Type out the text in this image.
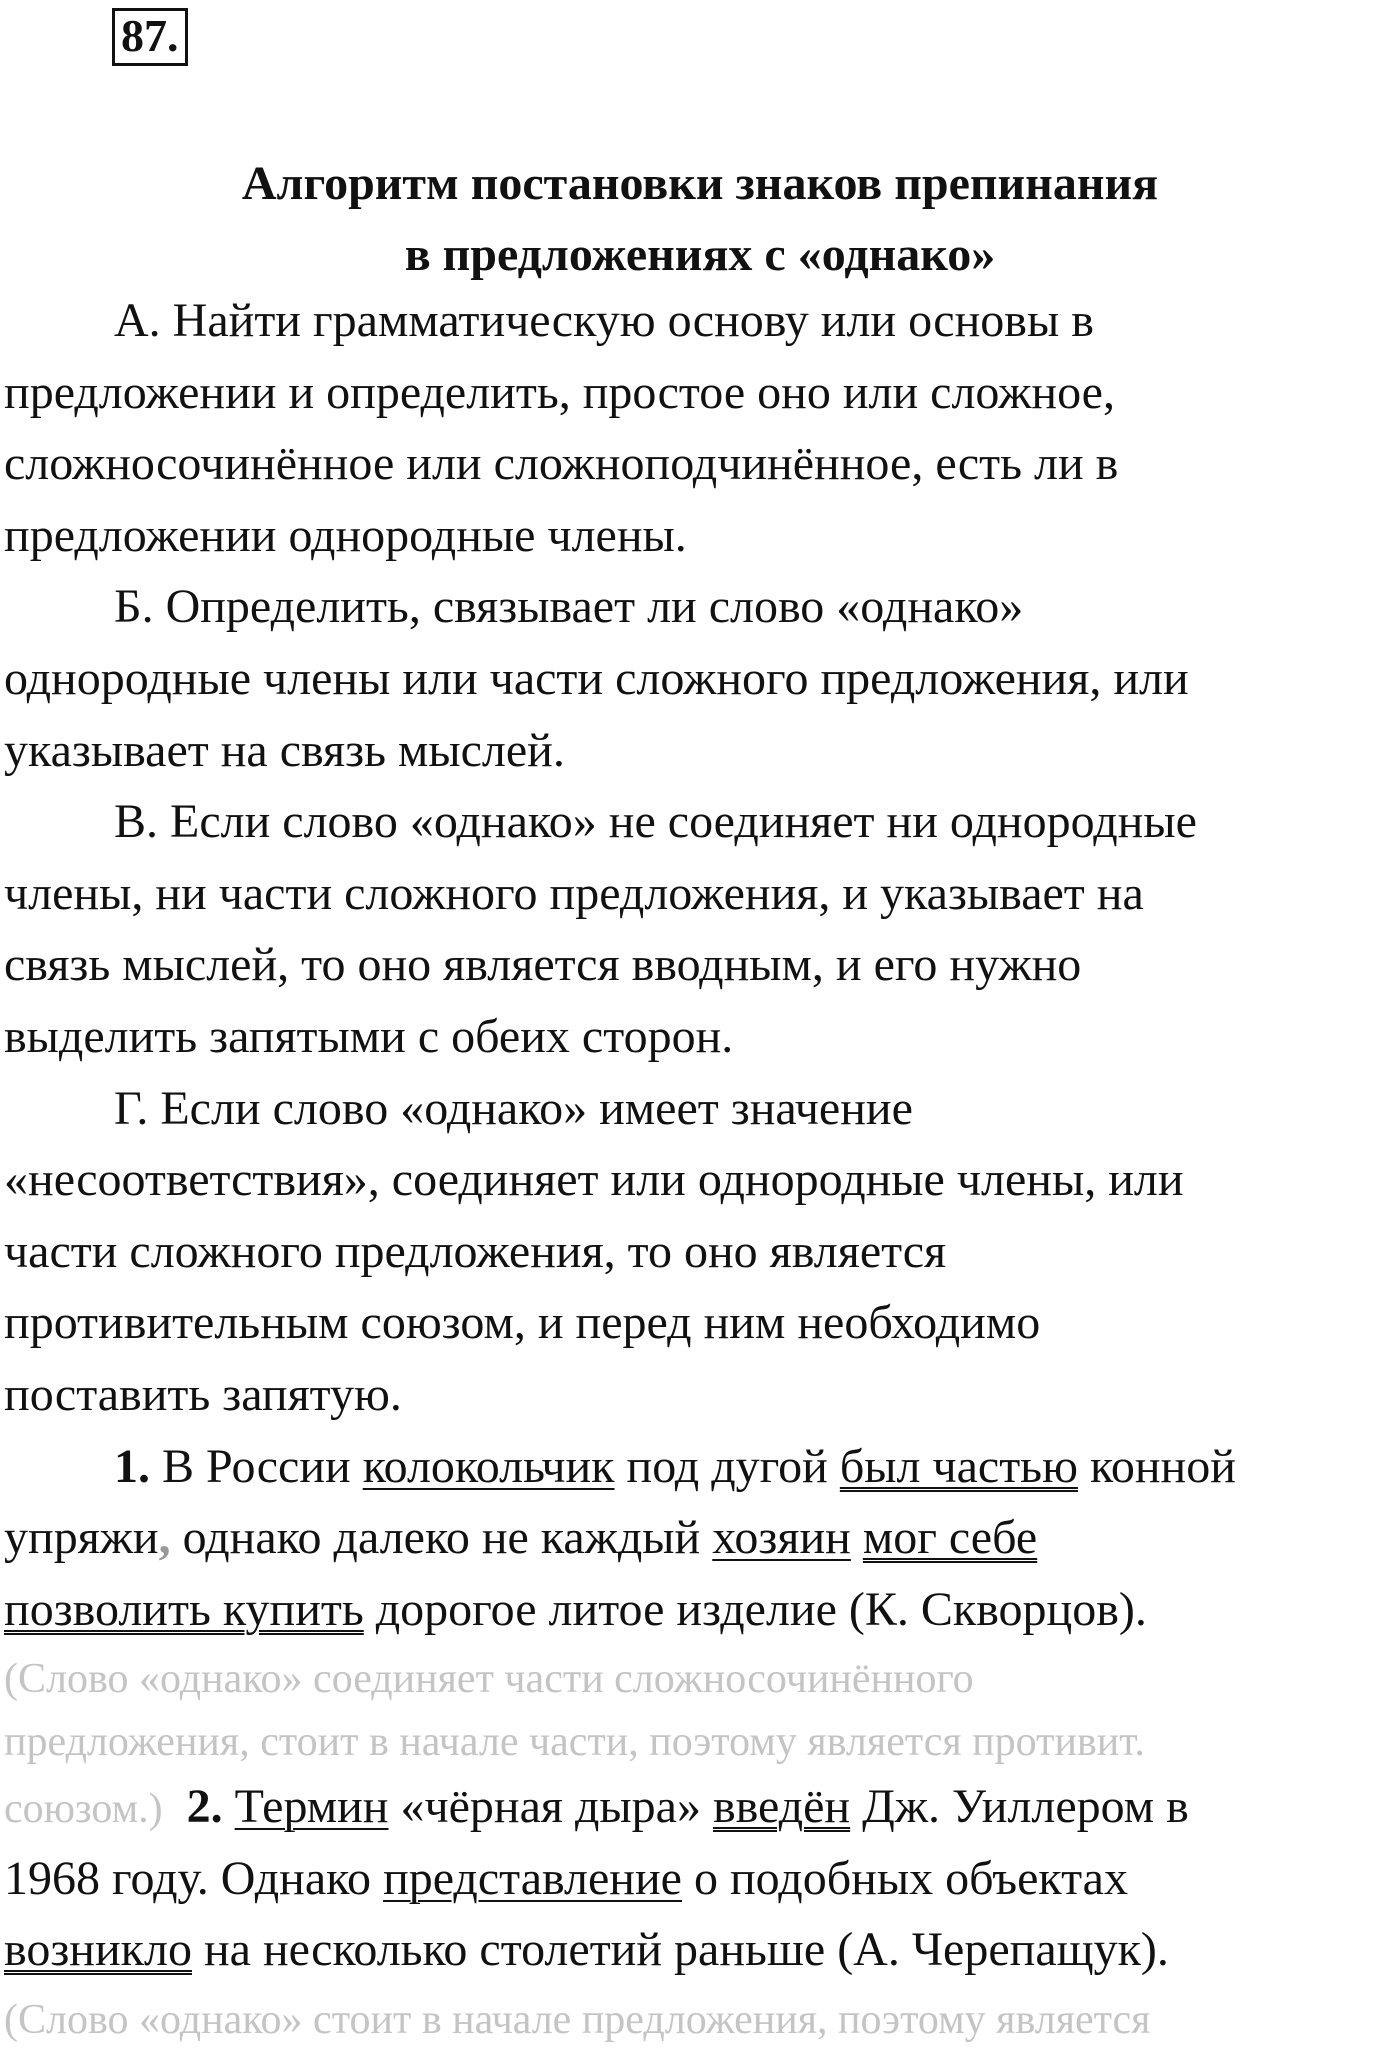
87.
Алгоритм постановки знаков препинания
в предложениях с «однако»
А. Найти грамматическую основу или основы в
предложении и определить, простое оно или сложное,
сложносочинённое или сложноподчинённое, есть ли в
предложении однородные члены.
Б. Определить, связывает ли слово «однако»
однородные члены или части сложного предложения, или
указывает на связь мыслей.
В. Если слово «однако» не соединяет ни однородные
члены, ни части сложного предложения, и указывает на
связь мыслей, то оно является вводным, и его нужно
выделить запятыми с обеих сторон.
Г. Если слово «однако» имеет значение
«несоответствия», соединяет или однородные члены, или
части сложного предложения, то оно является
противительным союзом, и перед ним необходимо
поставить запятую.
1. В России колокольчик под дугой был частью конной
упряжи, однако далеко не каждый хозяин мог себе
позволить купить дорогое литое изделие (К. Скворцов).
(Слово «однако» соединяет части сложносочинённого
предложения, стоит в начале части, поэтому является противит.
союзом.) 2. Термин «чёрная дыра» введён Дж. Уиллером в
1968 году. Однако представление о подобных объектах
возникло на несколько столетий раньше (А. Черепащук).
(Слово «однако» стоит в начале предложения, поэтому является
